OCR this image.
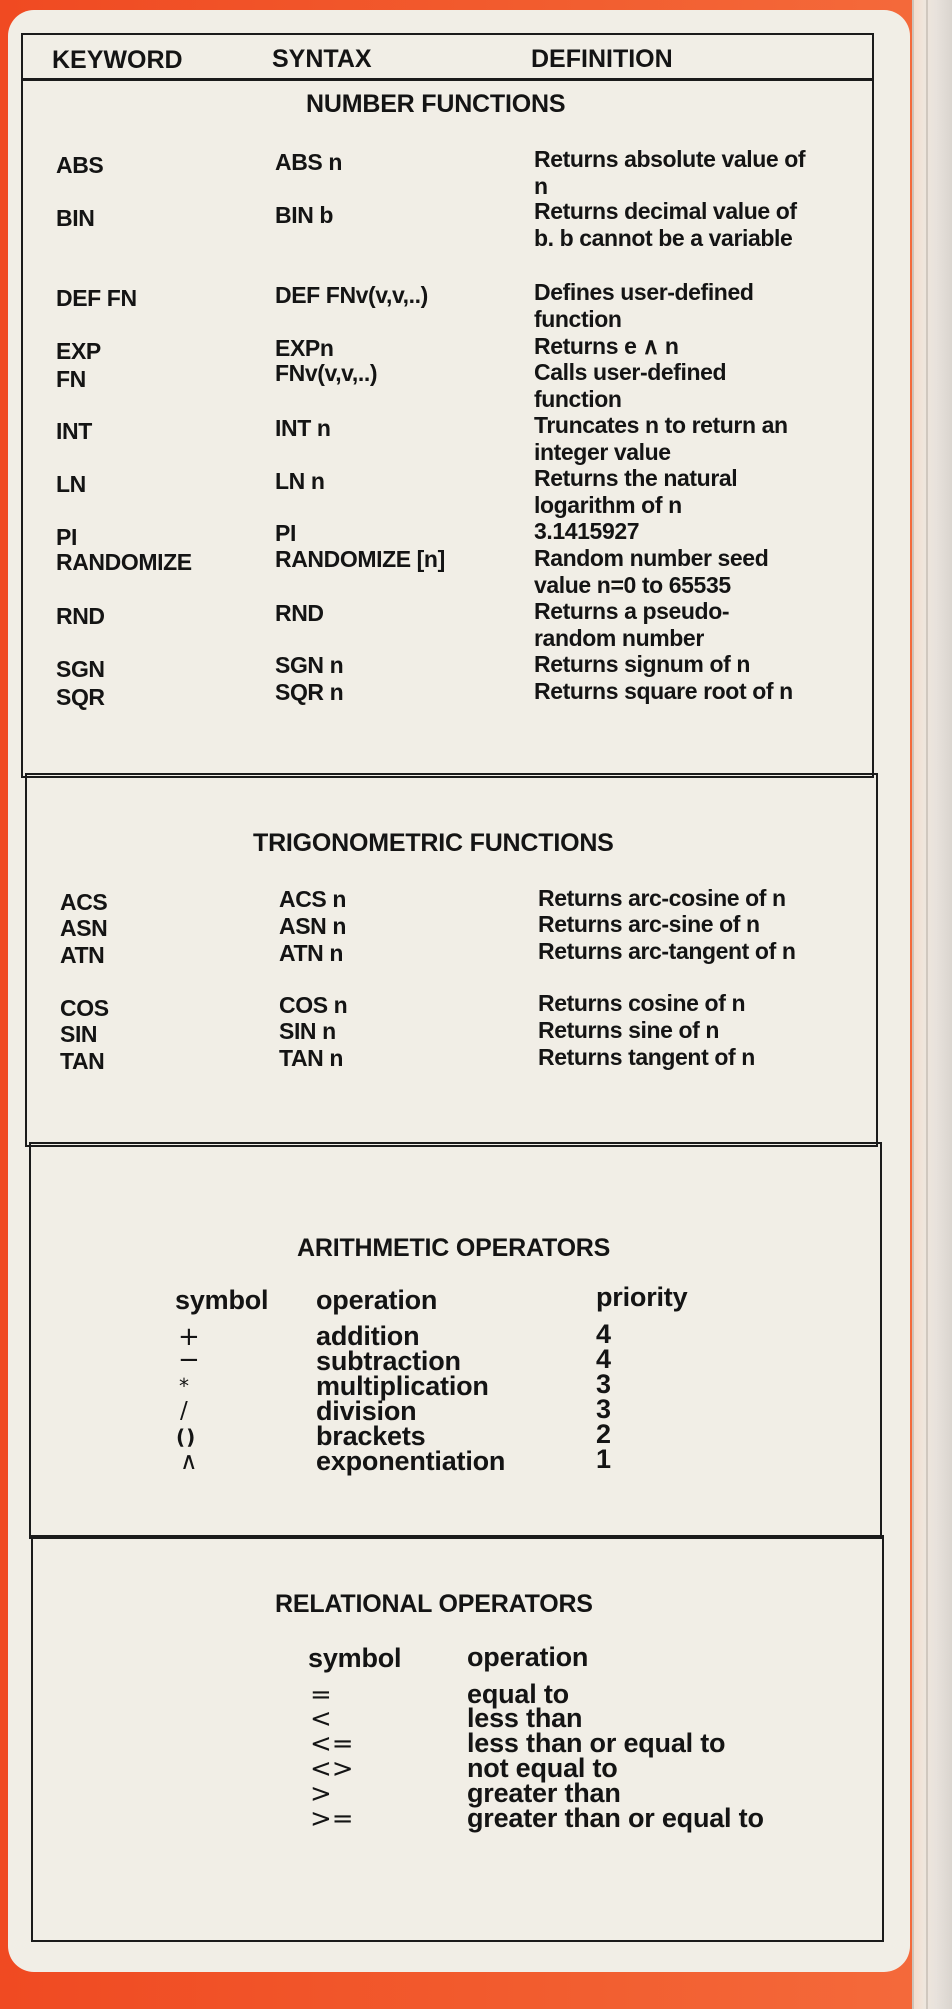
KEYWORD	SYNTAX	DEFINITION
NUMBER FUNCTIONS
ABS	ABS n	Returns absolute value of n
BIN	BIN b	Returns decimal value of b. b cannot be a variable
DEF FN	DEF FNv(v,v,..)	Defines user-defined function
EXP	EXPn	Returns e ∧ n
FN	FNv(v,v,..)	Calls user-defined function
INT	INT n	Truncates n to return an integer value
LN	LN n	Returns the natural logarithm of n
PI	PI	3.1415927
RANDOMIZE	RANDOMIZE [n]	Random number seed value n=0 to 65535
RND	RND	Returns a pseudo-random number
SGN	SGN n	Returns signum of n
SQR	SQR n	Returns square root of n
TRIGONOMETRIC FUNCTIONS
ACS	ACS n	Returns arc-cosine of n
ASN	ASN n	Returns arc-sine of n
ATN	ATN n	Returns arc-tangent of n
COS	COS n	Returns cosine of n
SIN	SIN n	Returns sine of n
TAN	TAN n	Returns tangent of n
ARITHMETIC OPERATORS
symbol operation	priority
+	addition	4
−	subtraction	4
*	multiplication	3
/	division	3
( )	brackets	2
∧	exponentiation	1
RELATIONAL OPERATORS
symbol operation
=	equal to
<	less than
<=	less than or equal to
<>	not equal to
>	greater than
>=	greater than or equal to
